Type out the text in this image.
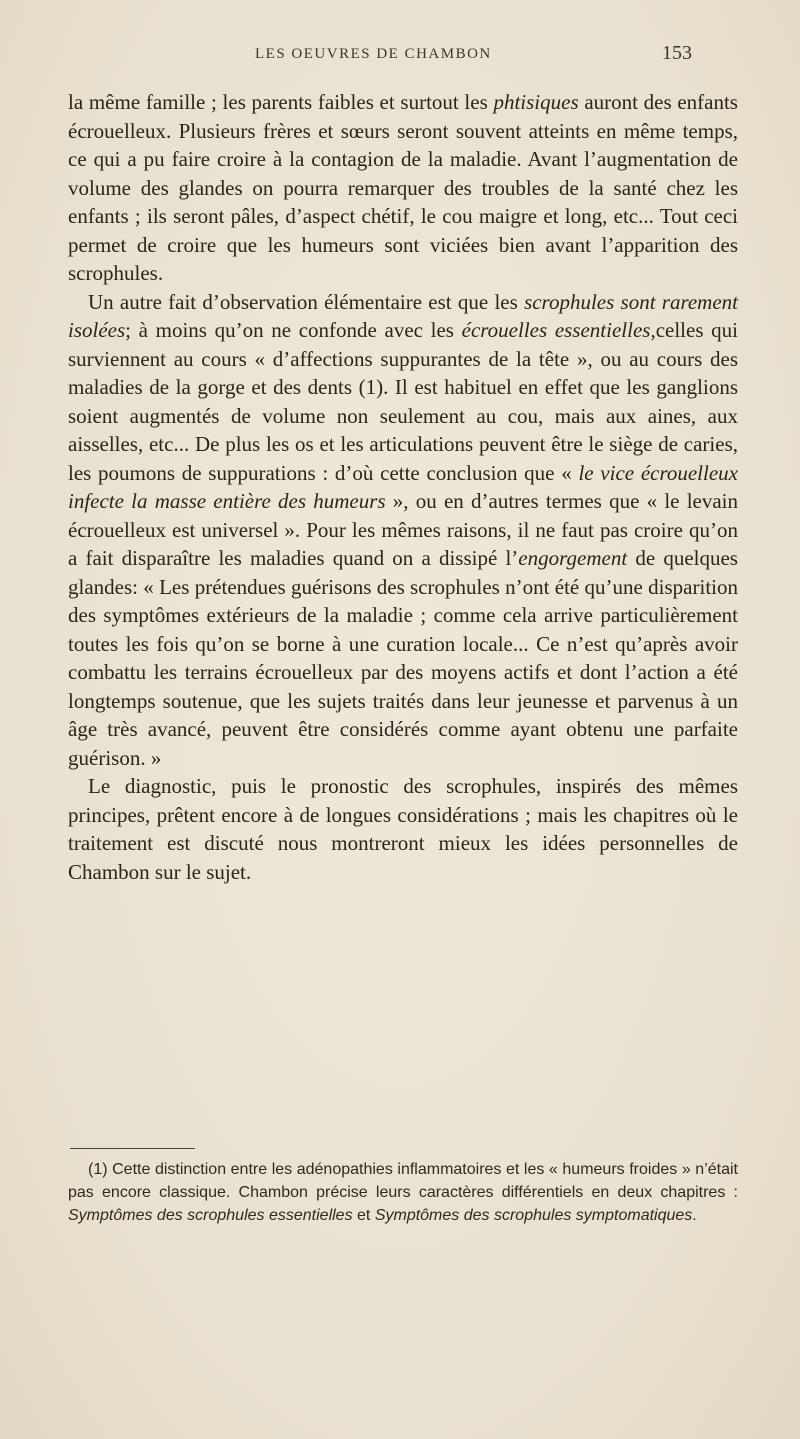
LES OEUVRES DE CHAMBON	153

la même famille ; les parents faibles et surtout les phtisiques auront des enfants écrouelleux. Plusieurs frères et sœurs seront souvent atteints en même temps, ce qui a pu faire croire à la contagion de la maladie. Avant l’augmentation de volume des glandes on pourra remarquer des troubles de la santé chez les enfants ; ils seront pâles, d’aspect chétif, le cou maigre et long, etc... Tout ceci permet de croire que les humeurs sont viciées bien avant l’apparition des scrophules.

Un autre fait d’observation élémentaire est que les scrophules sont rarement isolées; à moins qu’on ne confonde avec les écrouelles essentielles,celles qui surviennent au cours « d’affections suppurantes de la tête », ou au cours des maladies de la gorge et des dents (1). Il est habituel en effet que les ganglions soient augmentés de volume non seulement au cou, mais aux aines, aux aisselles, etc... De plus les os et les articulations peuvent être le siège de caries, les poumons de suppurations : d’où cette conclusion que « le vice écrouelleux infecte la masse entière des humeurs », ou en d’autres termes que « le levain écrouelleux est universel ». Pour les mêmes raisons, il ne faut pas croire qu’on a fait disparaître les maladies quand on a dissipé l’engorgement de quelques glandes: « Les prétendues guérisons des scrophules n’ont été qu’une disparition des symptômes extérieurs de la maladie ; comme cela arrive particulièrement toutes les fois qu’on se borne à une curation locale... Ce n’est qu’après avoir combattu les terrains écrouelleux par des moyens actifs et dont l’action a été longtemps soutenue, que les sujets traités dans leur jeunesse et parvenus à un âge très avancé, peuvent être considérés comme ayant obtenu une parfaite guérison. »

Le diagnostic, puis le pronostic des scrophules, inspirés des mêmes principes, prêtent encore à de longues considérations ; mais les chapitres où le traitement est discuté nous montreront mieux les idées personnelles de Chambon sur le sujet.

(1) Cette distinction entre les adénopathies inflammatoires et les « humeurs froides » n’était pas encore classique. Chambon précise leurs caractères différentiels en deux chapitres : Symptômes des scrophules essentielles et Symptômes des scrophules symptomatiques.
